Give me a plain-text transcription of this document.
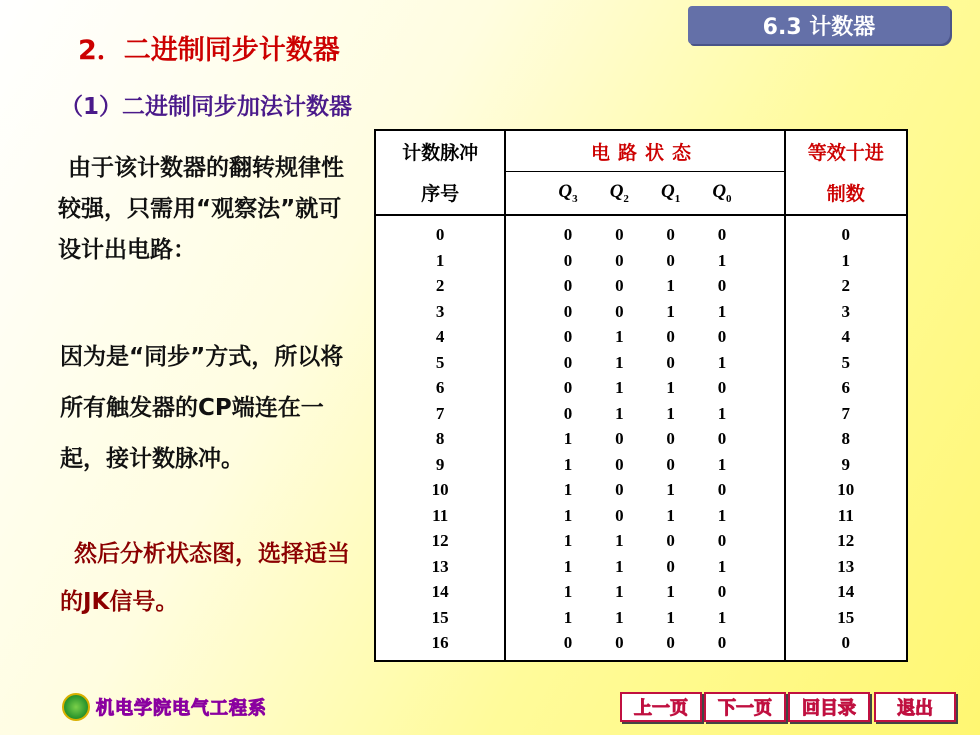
6.3 计数器
2．二进制同步计数器
（1）二进制同步加法计数器
由于该计数器的翻转规律性较强，只需用“观察法”就可设计出电路：
因为是“同步”方式，所以将所有触发器的CP端连在一起，接计数脉冲。
然后分析状态图，选择适当的JK信号。
计数脉冲	电路状态	等效十进
序号	$Q_3$ $Q_2$ $Q_1$ $Q_0$	制数
0	0 0 0 0	0
1	0 0 0 1	1
2	0 0 1 0	2
3	0 0 1 1	3
4	0 1 0 0	4
5	0 1 0 1	5
6	0 1 1 0	6
7	0 1 1 1	7
8	1 0 0 0	8
9	1 0 0 1	9
10	1 0 1 0	10
11	1 0 1 1	11
12	1 1 0 0	12
13	1 1 0 1	13
14	1 1 1 0	14
15	1 1 1 1	15
16	0 0 0 0	0
机电学院电气工程系	上一页	下一页	回目录	退出
